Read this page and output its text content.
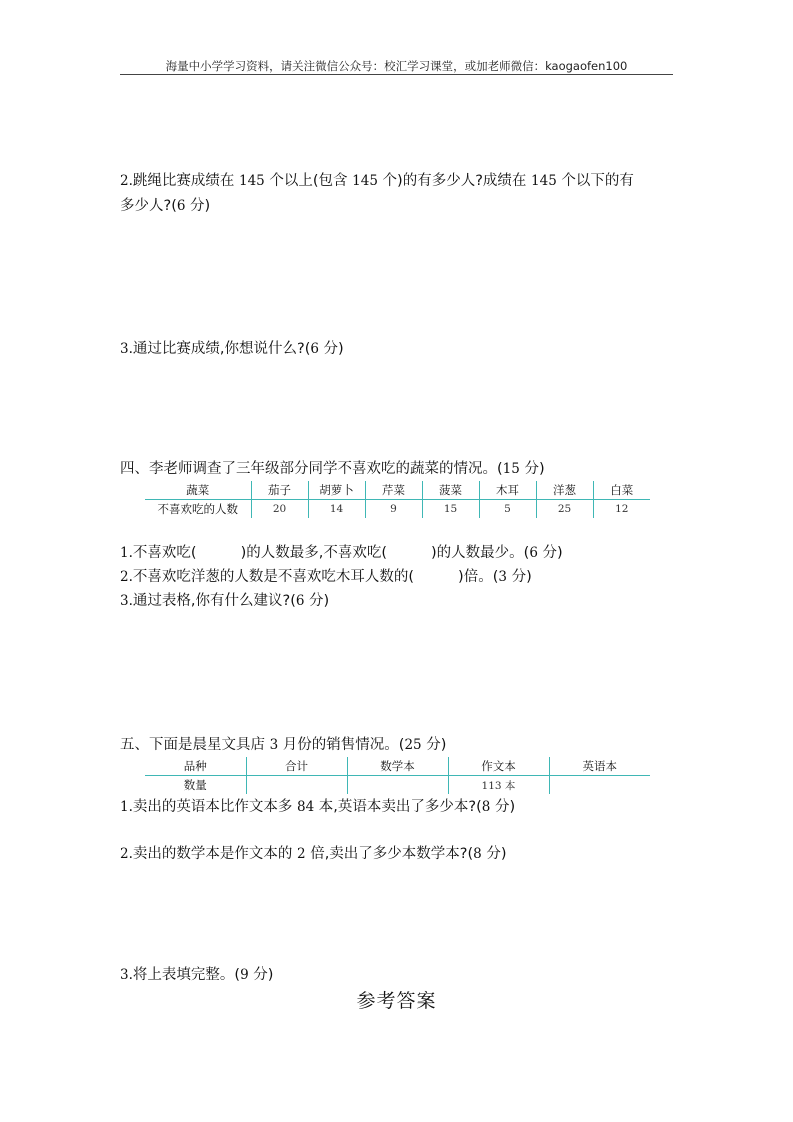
海量中小学学习资料，请关注微信公众号：校汇学习课堂，或加老师微信：kaogaofen100
2.跳绳比赛成绩在 145 个以上(包含 145 个)的有多少人?成绩在 145 个以下的有
多少人?(6 分)
3.通过比赛成绩,你想说什么?(6 分)
四、李老师调查了三年级部分同学不喜欢吃的蔬菜的情况。(15 分)
蔬菜	茄子	胡萝卜	芹菜	菠菜	木耳	洋葱	白菜
不喜欢吃的人数	20	14	9	15	5	25	12
1.不喜欢吃(	)的人数最多,不喜欢吃(	)的人数最少。(6 分)
2.不喜欢吃洋葱的人数是不喜欢吃木耳人数的(	)倍。(3 分)
3.通过表格,你有什么建议?(6 分)
五、下面是晨星文具店 3 月份的销售情况。(25 分)
品种	合计	数学本	作文本	英语本
数量			113 本	
1.卖出的英语本比作文本多 84 本,英语本卖出了多少本?(8 分)
2.卖出的数学本是作文本的 2 倍,卖出了多少本数学本?(8 分)
3.将上表填完整。(9 分)
参考答案
